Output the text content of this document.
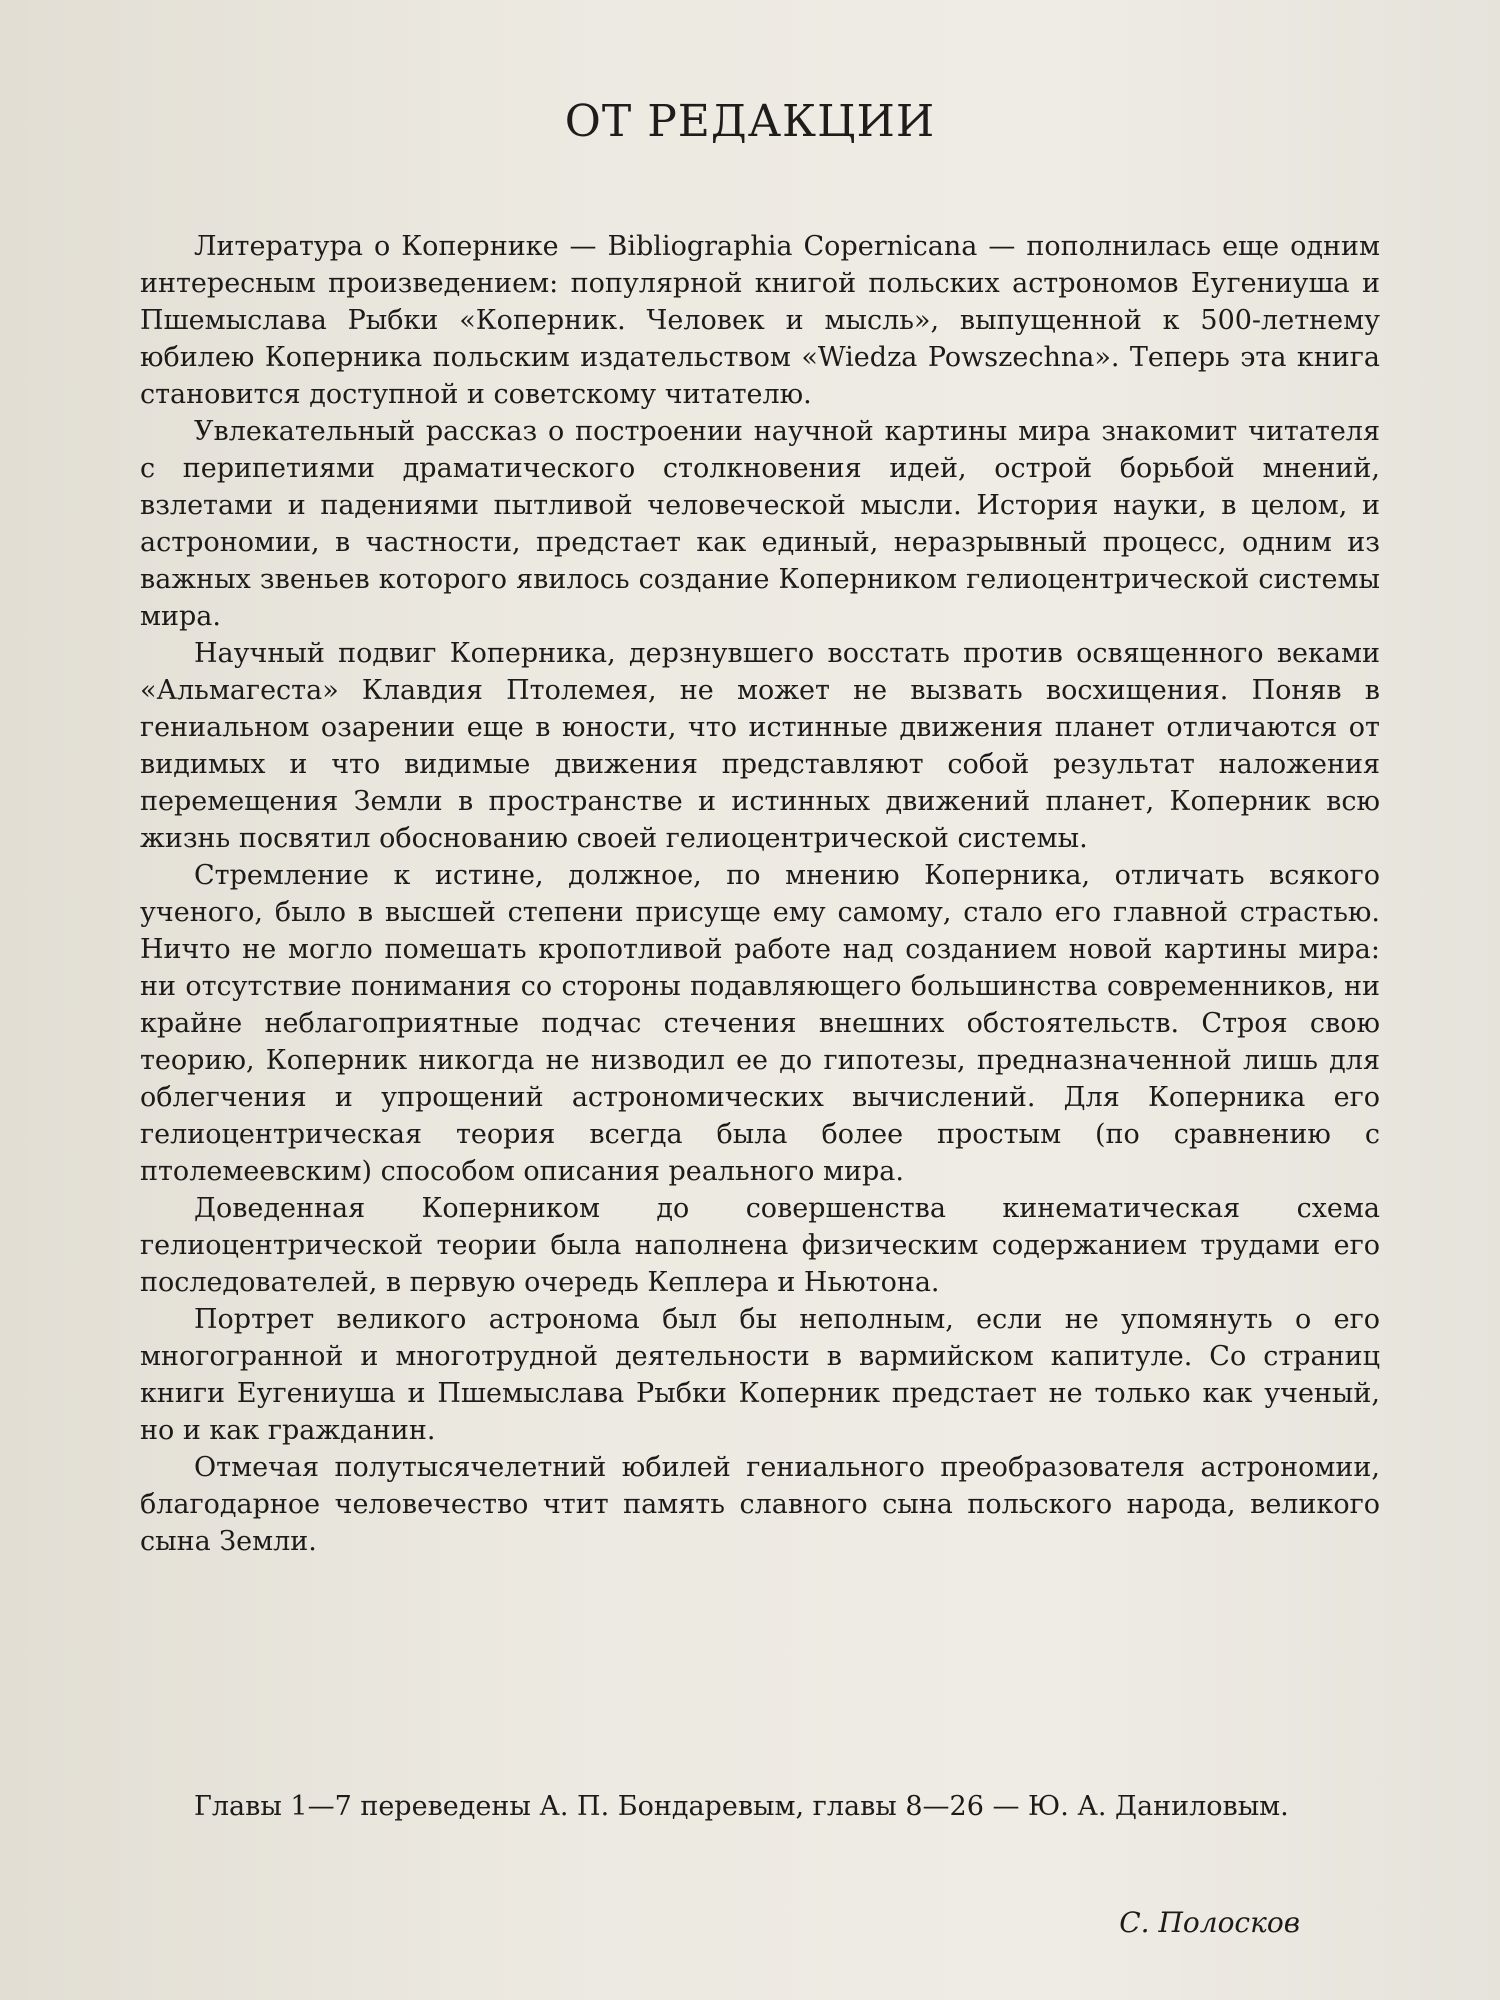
ОТ РЕДАКЦИИ

Литература о Копернике — Bibliographia Copernicana — пополнилась еще одним интересным произведением: популярной книгой польских астрономов Еугениуша и Пшемыслава Рыбки «Коперник. Человек и мысль», выпущенной к 500-летнему юбилею Коперника польским издательством «Wiedza Powszechna». Теперь эта книга становится доступной и советскому читателю.

Увлекательный рассказ о построении научной картины мира знакомит читателя с перипетиями драматического столкновения идей, острой борьбой мнений, взлетами и падениями пытливой человеческой мысли. История науки, в целом, и астрономии, в частности, предстает как единый, неразрывный процесс, одним из важных звеньев которого явилось создание Коперником гелиоцентрической системы мира.

Научный подвиг Коперника, дерзнувшего восстать против освященного веками «Альмагеста» Клавдия Птолемея, не может не вызвать восхищения. Поняв в гениальном озарении еще в юности, что истинные движения планет отличаются от видимых и что видимые движения представляют собой результат наложения перемещения Земли в пространстве и истинных движений планет, Коперник всю жизнь посвятил обоснованию своей гелиоцентрической системы.

Стремление к истине, должное, по мнению Коперника, отличать всякого ученого, было в высшей степени присуще ему самому, стало его главной страстью. Ничто не могло помешать кропотливой работе над созданием новой картины мира: ни отсутствие понимания со стороны подавляющего большинства современников, ни крайне неблагоприятные подчас стечения внешних обстоятельств. Строя свою теорию, Коперник никогда не низводил ее до гипотезы, предназначенной лишь для облегчения и упрощений астрономических вычислений. Для Коперника его гелиоцентрическая теория всегда была более простым (по сравнению с птолемеевским) способом описания реального мира.

Доведенная Коперником до совершенства кинематическая схема гелиоцентрической теории была наполнена физическим содержанием трудами его последователей, в первую очередь Кеплера и Ньютона.

Портрет великого астронома был бы неполным, если не упомянуть о его многогранной и многотрудной деятельности в вармийском капитуле. Со страниц книги Еугениуша и Пшемыслава Рыбки Коперник предстает не только как ученый, но и как гражданин.

Отмечая полутысячелетний юбилей гениального преобразователя астрономии, благодарное человечество чтит память славного сына польского народа, великого сына Земли.

Главы 1—7 переведены А. П. Бондаревым, главы 8—26 — Ю. А. Даниловым.

С. Полосков
